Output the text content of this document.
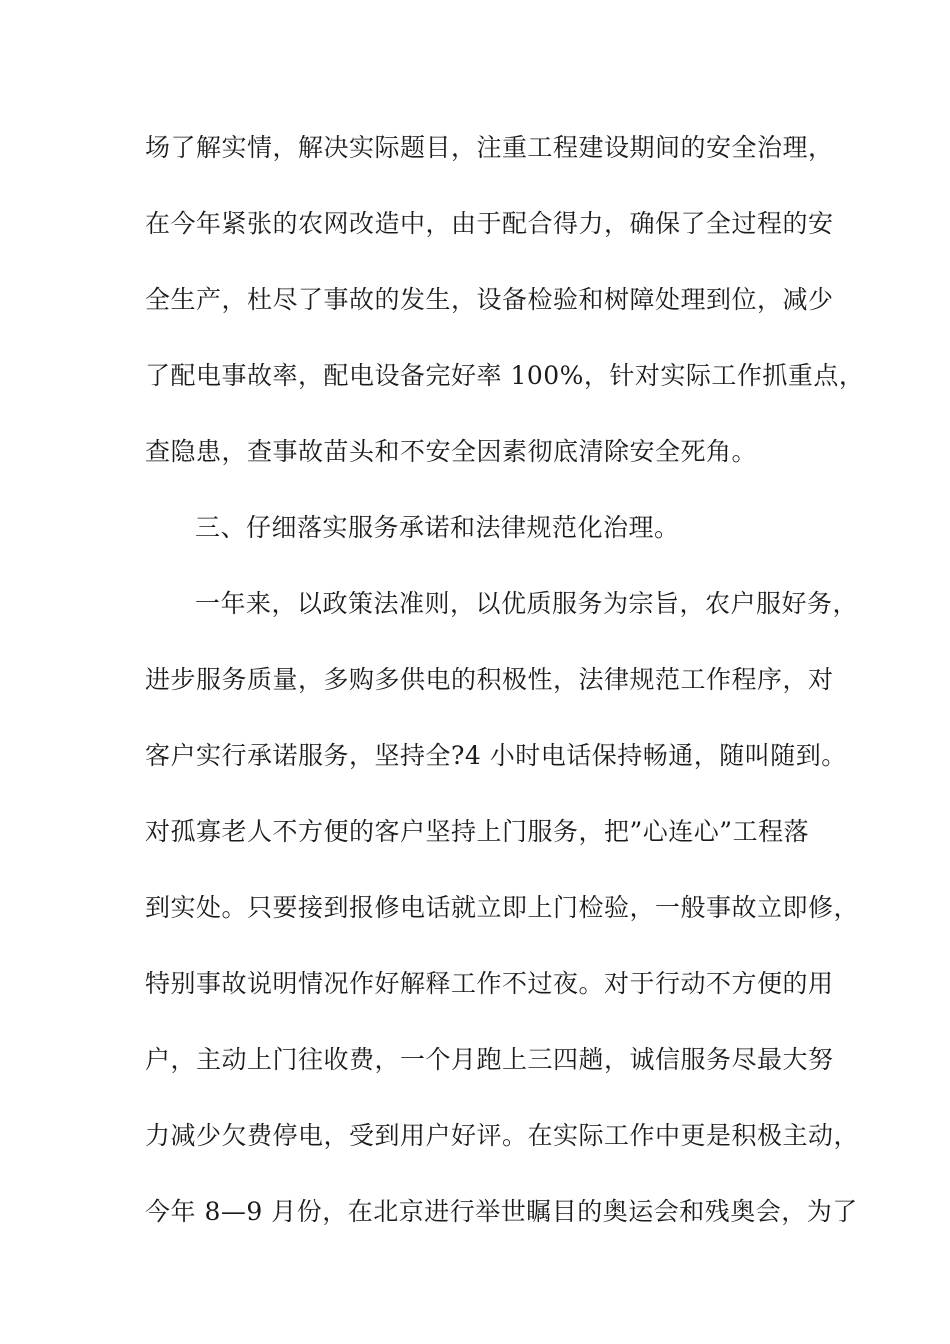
场了解实情，解决实际题目，注重工程建设期间的安全治理，
在今年紧张的农网改造中，由于配合得力，确保了全过程的安
全生产，杜尽了事故的发生，设备检验和树障处理到位，减少
了配电事故率，配电设备完好率 100%，针对实际工作抓重点，
查隐患，查事故苗头和不安全因素彻底清除安全死角。
三、仔细落实服务承诺和法律规范化治理。
一年来，以政策法准则，以优质服务为宗旨，农户服好务，
进步服务质量，多购多供电的积极性，法律规范工作程序，对
客户实行承诺服务，坚持全?4 小时电话保持畅通，随叫随到。
对孤寡老人不方便的客户坚持上门服务，把”心连心”工程落
到实处。只要接到报修电话就立即上门检验，一般事故立即修，
特别事故说明情况作好解释工作不过夜。对于行动不方便的用
户，主动上门往收费，一个月跑上三四趟，诚信服务尽最大努
力减少欠费停电，受到用户好评。在实际工作中更是积极主动，
今年 8—9 月份，在北京进行举世瞩目的奥运会和残奥会，为了
